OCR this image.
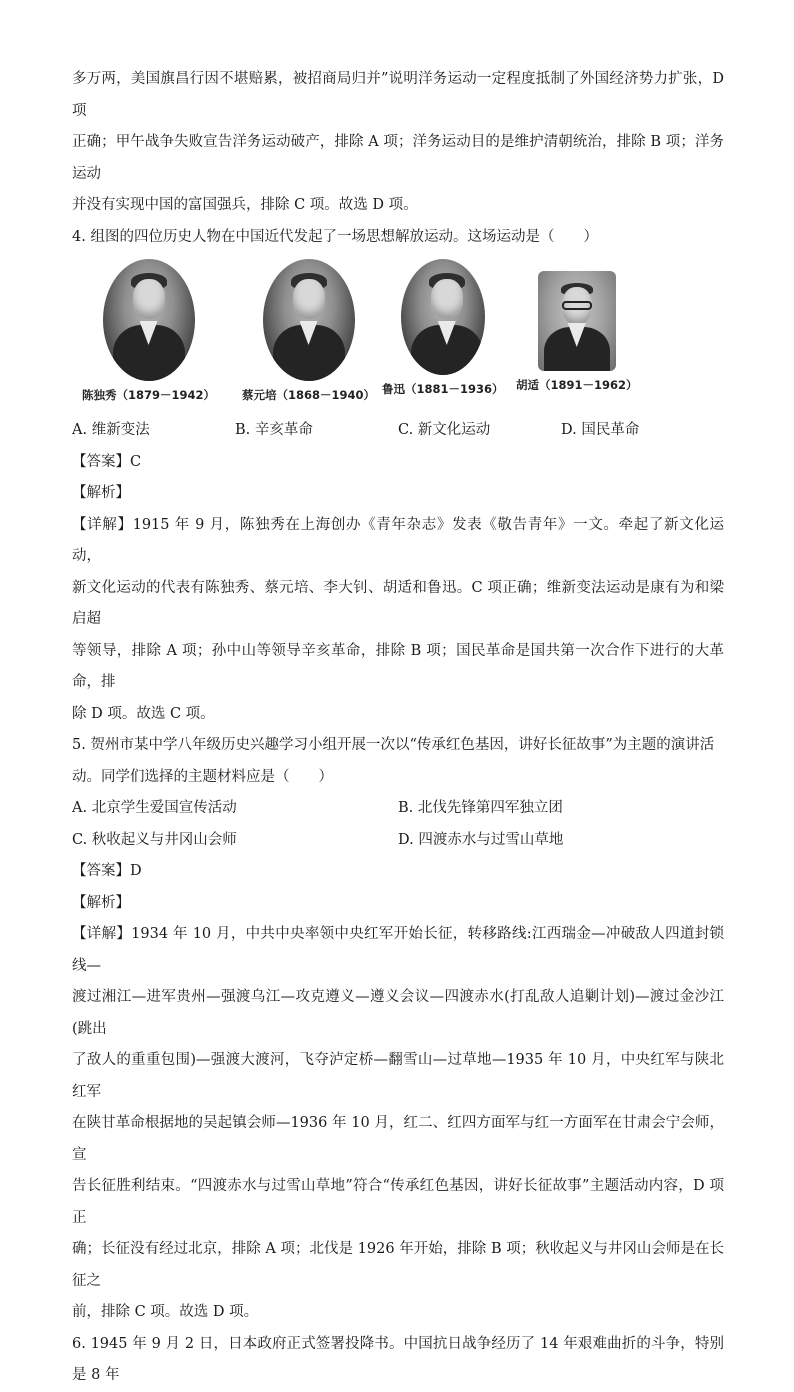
多万两，美国旗昌行因不堪赔累，被招商局归并”说明洋务运动一定程度抵制了外国经济势力扩张，D 项

正确；甲午战争失败宣告洋务运动破产，排除 A 项；洋务运动目的是维护清朝统治，排除 B 项；洋务运动

并没有实现中国的富国强兵，排除 C 项。故选 D 项。

4. 组图的四位历史人物在中国近代发起了一场思想解放运动。这场运动是（　　）

陈独秀（1879－1942） 蔡元培（1868－1940） 鲁迅（1881－1936） 胡适（1891－1962）
A. 维新变法	B. 辛亥革命	C. 新文化运动	D. 国民革命
【答案】C
【解析】

【详解】1915 年 9 月，陈独秀在上海创办《青年杂志》发表《敬告青年》一文。牵起了新文化运动，

新文化运动的代表有陈独秀、蔡元培、李大钊、胡适和鲁迅。C 项正确；维新变法运动是康有为和梁启超

等领导，排除 A 项；孙中山等领导辛亥革命，排除 B 项；国民革命是国共第一次合作下进行的大革命，排

除 D 项。故选 C 项。

5. 贺州市某中学八年级历史兴趣学习小组开展一次以“传承红色基因，讲好长征故事”为主题的演讲活

动。同学们选择的主题材料应是（　　）

A. 北京学生爱国宣传活动	B. 北伐先锋第四军独立团
C. 秋收起义与井冈山会师	D. 四渡赤水与过雪山草地
【答案】D
【解析】

【详解】1934 年 10 月，中共中央率领中央红军开始长征，转移路线:江西瑞金—冲破敌人四道封锁线—

渡过湘江—进军贵州—强渡乌江—攻克遵义—遵义会议—四渡赤水(打乱敌人追剿计划)—渡过金沙江(跳出

了敌人的重重包围)—强渡大渡河，飞夺泸定桥—翻雪山—过草地—1935 年 10 月，中央红军与陕北红军

在陕甘革命根据地的吴起镇会师—1936 年 10 月，红二、红四方面军与红一方面军在甘肃会宁会师，宣

告长征胜利结束。“四渡赤水与过雪山草地”符合“传承红色基因，讲好长征故事”主题活动内容，D 项正

确；长征没有经过北京，排除 A 项；北伐是 1926 年开始，排除 B 项；秋收起义与井冈山会师是在长征之

前，排除 C 项。故选 D 项。

6. 1945 年 9 月 2 日，日本政府正式签署投降书。中国抗日战争经历了 14 年艰难曲折的斗争，特别是 8 年
